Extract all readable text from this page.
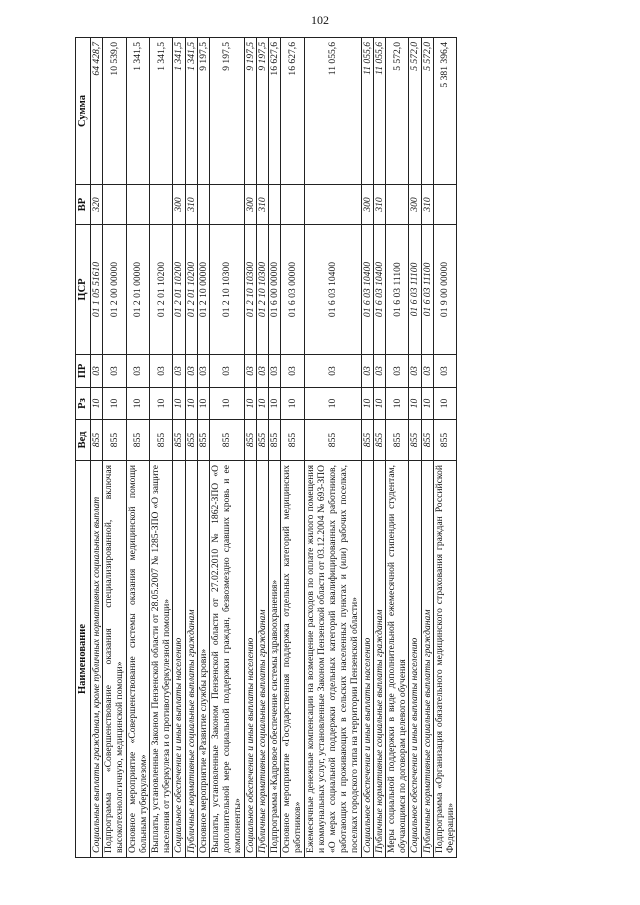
102
Наименование	Вед	Рз	ПР	ЦСР	ВР	Сумма
Социальные выплаты гражданам, кроме публичных нормативных социальных выплат	855	10	03	01 1 05 51610	320	64 428,7
Подпрограмма «Совершенствование оказания специализированной, включая высокотехнологичную, медицинской помощи»	855	10	03	01 2 00 00000		10 539,0
Основное мероприятие «Совершенствование системы оказания медицинской помощи больным туберкулезом»	855	10	03	01 2 01 00000		1 341,5
Выплаты, установленные Законом Пензенской области от 28.05.2007 № 1285-ЗПО «О защите населения от туберкулеза и о противотуберкулезной помощи»	855	10	03	01 2 01 10200		1 341,5
Социальное обеспечение и иные выплаты населению	855	10	03	01 2 01 10200	300	1 341,5
Публичные нормативные социальные выплаты гражданам	855	10	03	01 2 01 10200	310	1 341,5
Основное мероприятие «Развитие службы крови»	855	10	03	01 2 10 00000		9 197,5
Выплаты, установленные Законом Пензенской области от 27.02.2010 № 1862-ЗПО «О дополнительной мере социальной поддержки граждан, безвозмездно сдавших кровь и ее компоненты»	855	10	03	01 2 10 10300		9 197,5
Социальное обеспечение и иные выплаты населению	855	10	03	01 2 10 10300	300	9 197,5
Публичные нормативные социальные выплаты гражданам	855	10	03	01 2 10 10300	310	9 197,5
Подпрограмма «Кадровое обеспечение системы здравоохранения»	855	10	03	01 6 00 00000		16 627,6
Основное мероприятие «Государственная поддержка отдельных категорий медицинских работников»	855	10	03	01 6 03 00000		16 627,6
Ежемесячные денежные компенсации на возмещение расходов по оплате жилого помещения и коммунальных услуг, установленные Законом Пензенской области от 03.12.2004 № 693-ЗПО «О мерах социальной поддержки отдельных категорий квалифицированных работников, работающих и проживающих в сельских населенных пунктах и (или) рабочих поселках, поселках городского типа на территории Пензенской области»	855	10	03	01 6 03 10400		11 055,6
Социальное обеспечение и иные выплаты населению	855	10	03	01 6 03 10400	300	11 055,6
Публичные нормативные социальные выплаты гражданам	855	10	03	01 6 03 10400	310	11 055,6
Меры социальной поддержки в виде дополнительной ежемесячной стипендии студентам, обучающимся по договорам целевого обучения	855	10	03	01 6 03 11100		5 572,0
Социальное обеспечение и иные выплаты населению	855	10	03	01 6 03 11100	300	5 572,0
Публичные нормативные социальные выплаты гражданам	855	10	03	01 6 03 11100	310	5 572,0
Подпрограмма «Организация обязательного медицинского страхования граждан Российской Федерации»	855	10	03	01 9 00 00000		5 381 396,4
